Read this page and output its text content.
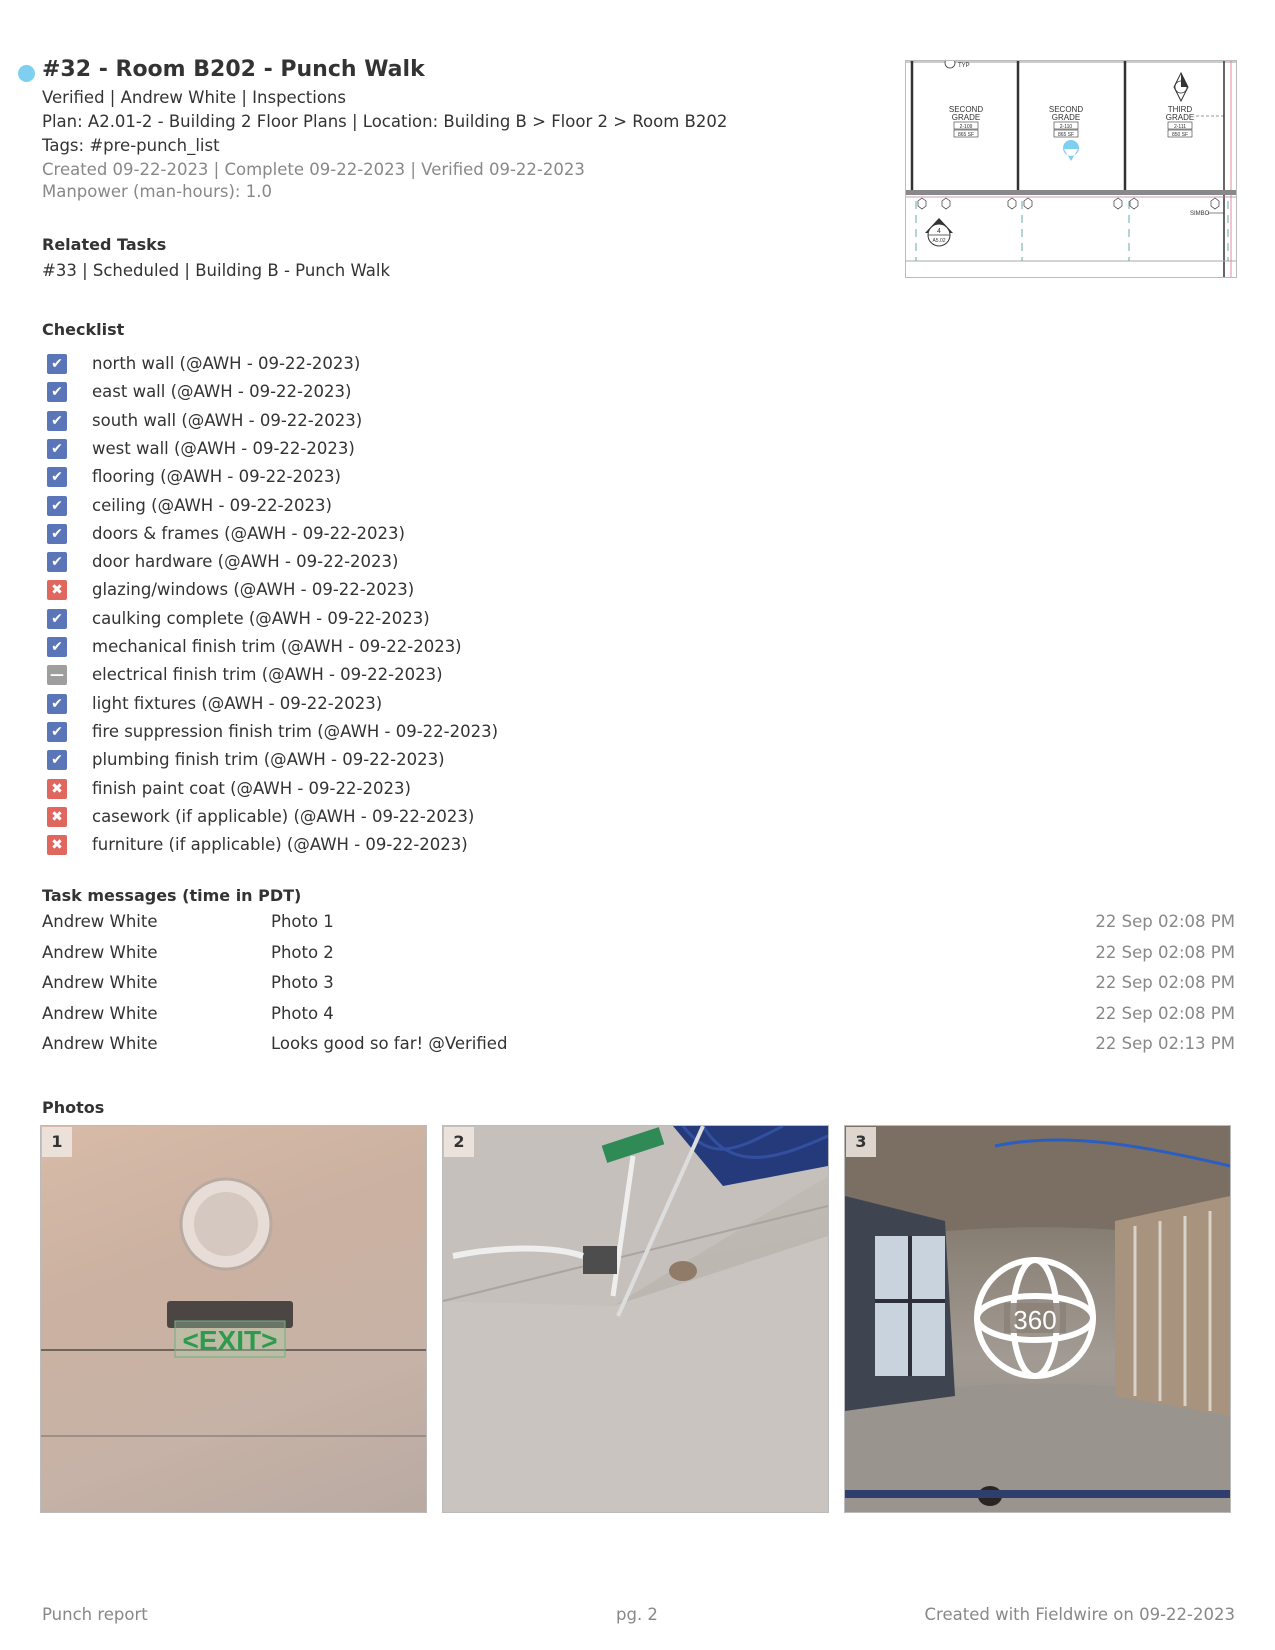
#32 - Room B202 - Punch Walk
Verified | Andrew White | Inspections
Plan: A2.01-2 - Building 2 Floor Plans | Location: Building B > Floor 2 > Room B202
Tags: #pre-punch_list
Created 09-22-2023 | Complete 09-22-2023 | Verified 09-22-2023
Manpower (man-hours): 1.0
TYP
SECOND
GRADE
2-109
865 SF
SECOND
GRADE
2-110
865 SF
THIRD
GRADE
2-111
850 SF
SIMBO
4
A5.02
Related Tasks
#33 | Scheduled | Building B - Punch Walk
Checklist
✔ north wall (@AWH - 09-22-2023)
✔ east wall (@AWH - 09-22-2023)
✔ south wall (@AWH - 09-22-2023)
✔ west wall (@AWH - 09-22-2023)
✔ flooring (@AWH - 09-22-2023)
✔ ceiling (@AWH - 09-22-2023)
✔ doors & frames (@AWH - 09-22-2023)
✔ door hardware (@AWH - 09-22-2023)
✖ glazing/windows (@AWH - 09-22-2023)
✔ caulking complete (@AWH - 09-22-2023)
✔ mechanical finish trim (@AWH - 09-22-2023)
— electrical finish trim (@AWH - 09-22-2023)
✔ light fixtures (@AWH - 09-22-2023)
✔ fire suppression finish trim (@AWH - 09-22-2023)
✔ plumbing finish trim (@AWH - 09-22-2023)
✖ finish paint coat (@AWH - 09-22-2023)
✖ casework (if applicable) (@AWH - 09-22-2023)
✖ furniture (if applicable) (@AWH - 09-22-2023)
Task messages (time in PDT)
Andrew White	Photo 1	22 Sep 02:08 PM
Andrew White	Photo 2	22 Sep 02:08 PM
Andrew White	Photo 3	22 Sep 02:08 PM
Andrew White	Photo 4	22 Sep 02:08 PM
Andrew White	Looks good so far! @Verified	22 Sep 02:13 PM
Photos
<EXIT>
1	2
360
3
Punch report	pg. 2	Created with Fieldwire on 09-22-2023
